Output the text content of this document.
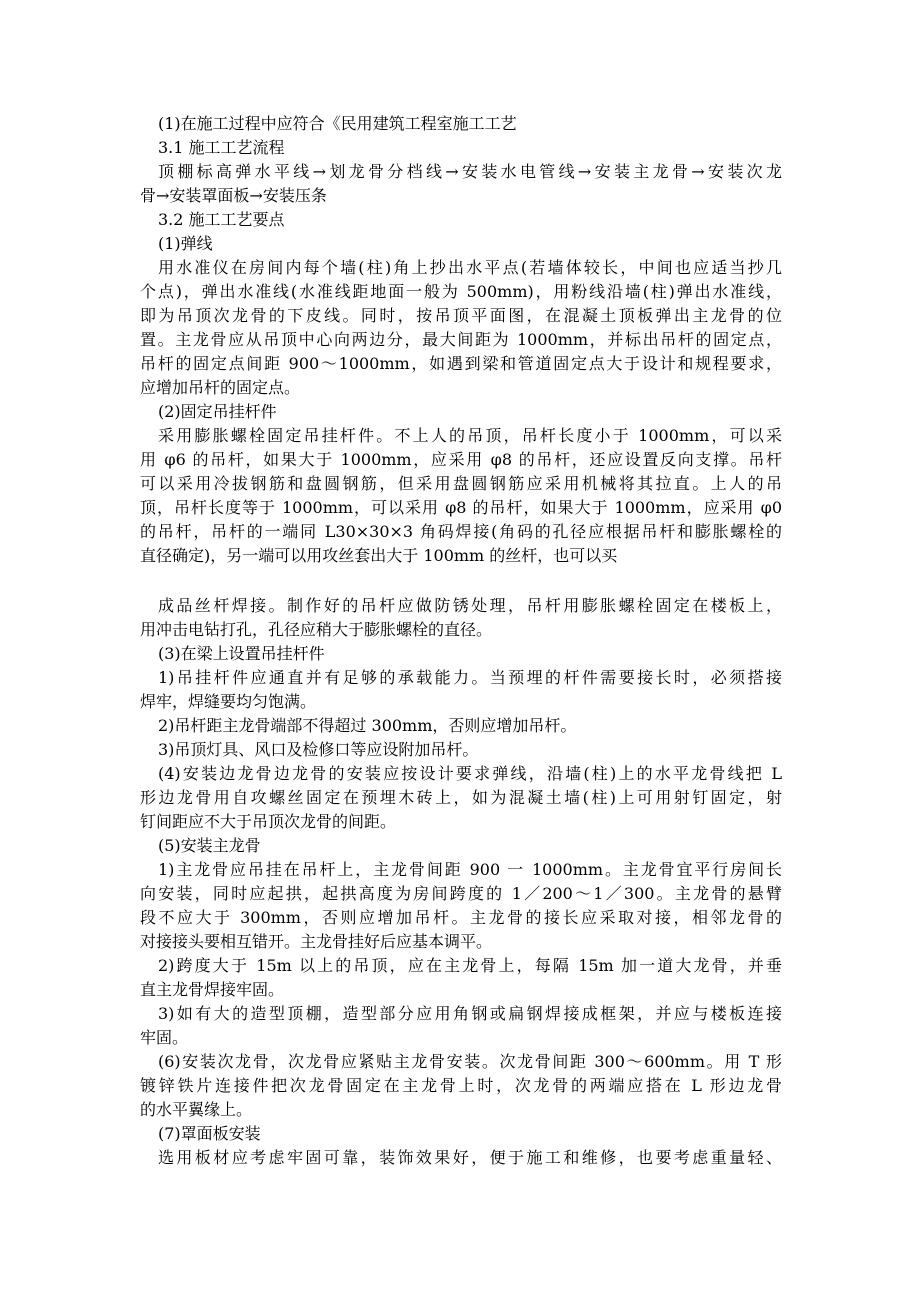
(1)在施工过程中应符合《民用建筑工程室施工工艺
3.1 施工工艺流程
顶棚标高弹水平线→划龙骨分档线→安装水电管线→安装主龙骨→安装次龙
骨→安装罩面板→安装压条
3.2 施工工艺要点
(1)弹线
用水准仪在房间内每个墙(柱)角上抄出水平点(若墙体较长，中间也应适当抄几
个点)，弹出水准线(水准线距地面一般为 500mm)，用粉线沿墙(柱)弹出水准线，
即为吊顶次龙骨的下皮线。同时，按吊顶平面图，在混凝土顶板弹出主龙骨的位
置。主龙骨应从吊顶中心向两边分，最大间距为 1000mm，并标出吊杆的固定点，
吊杆的固定点间距 900～1000mm，如遇到梁和管道固定点大于设计和规程要求，
应增加吊杆的固定点。
(2)固定吊挂杆件
采用膨胀螺栓固定吊挂杆件。不上人的吊顶，吊杆长度小于 1000mm，可以采
用 φ6 的吊杆，如果大于 1000mm，应采用 φ8 的吊杆，还应设置反向支撑。吊杆
可以采用冷拔钢筋和盘圆钢筋，但采用盘圆钢筋应采用机械将其拉直。上人的吊
顶，吊杆长度等于 1000mm，可以采用 φ8 的吊杆，如果大于 1000mm，应采用 φ0
的吊杆，吊杆的一端同 L30×30×3 角码焊接(角码的孔径应根据吊杆和膨胀螺栓的
直径确定)，另一端可以用攻丝套出大于 100mm 的丝杆，也可以买
成品丝杆焊接。制作好的吊杆应做防锈处理，吊杆用膨胀螺栓固定在楼板上，
用冲击电钻打孔，孔径应稍大于膨胀螺栓的直径。
(3)在梁上设置吊挂杆件
1)吊挂杆件应通直并有足够的承载能力。当预埋的杆件需要接长时，必须搭接
焊牢，焊缝要均匀饱满。
2)吊杆距主龙骨端部不得超过 300mm，否则应增加吊杆。
3)吊顶灯具、风口及检修口等应设附加吊杆。
(4)安装边龙骨边龙骨的安装应按设计要求弹线，沿墙(柱)上的水平龙骨线把 L
形边龙骨用自攻螺丝固定在预埋木砖上，如为混凝土墙(柱)上可用射钉固定，射
钉间距应不大于吊顶次龙骨的间距。
(5)安装主龙骨
1)主龙骨应吊挂在吊杆上，主龙骨间距 900 一 1000mm。主龙骨宜平行房间长
向安装，同时应起拱，起拱高度为房间跨度的 1／200～1／300。主龙骨的悬臂
段不应大于 300mm，否则应增加吊杆。主龙骨的接长应采取对接，相邻龙骨的
对接接头要相互错开。主龙骨挂好后应基本调平。
2)跨度大于 15m 以上的吊顶，应在主龙骨上，每隔 15m 加一道大龙骨，并垂
直主龙骨焊接牢固。
3)如有大的造型顶棚，造型部分应用角钢或扁钢焊接成框架，并应与楼板连接
牢固。
(6)安装次龙骨，次龙骨应紧贴主龙骨安装。次龙骨间距 300～600mm。用 T 形
镀锌铁片连接件把次龙骨固定在主龙骨上时，次龙骨的两端应搭在 L 形边龙骨
的水平翼缘上。
(7)罩面板安装
选用板材应考虑牢固可靠，装饰效果好，便于施工和维修，也要考虑重量轻、
